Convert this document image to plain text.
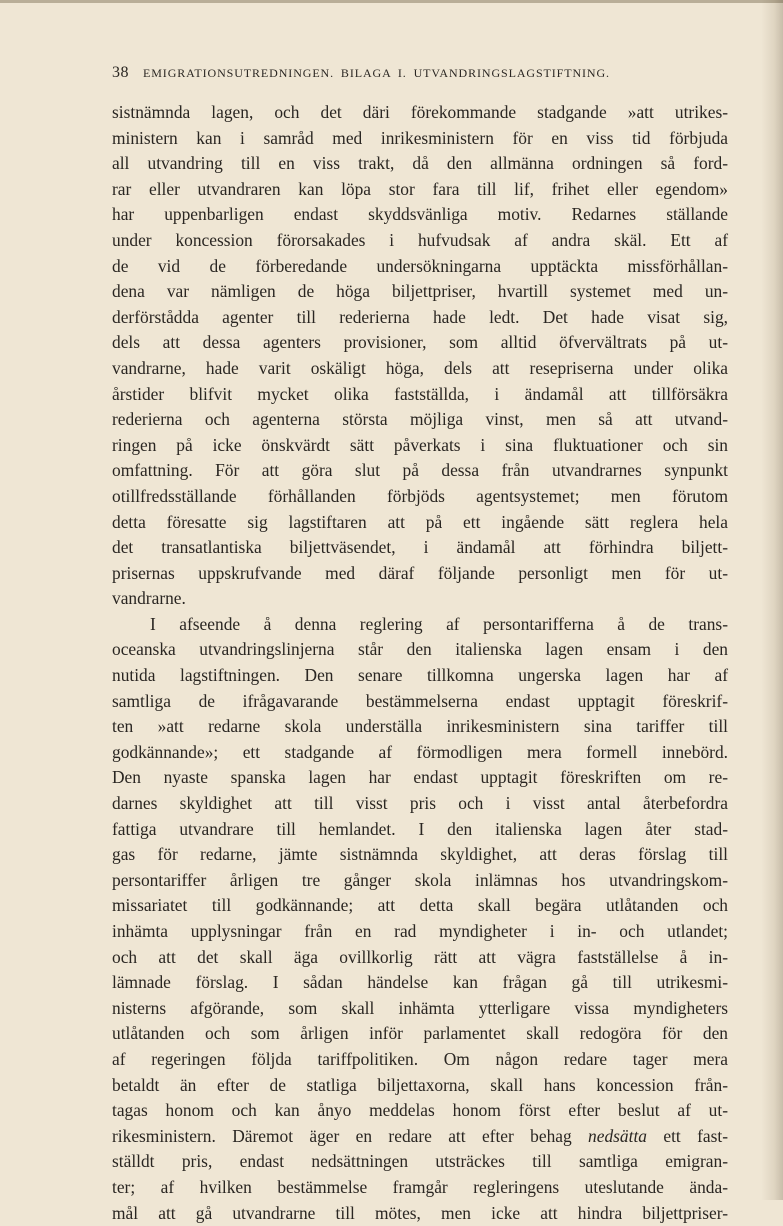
38 EMIGRATIONSUTREDNINGEN. BILAGA I. UTVANDRINGSLAGSTIFTNING.
sistnämnda lagen, och det däri förekommande stadgande »att utrikes-
ministern kan i samråd med inrikesministern för en viss tid förbjuda
all utvandring till en viss trakt, då den allmänna ordningen så ford-
rar eller utvandraren kan löpa stor fara till lif, frihet eller egendom»
har uppenbarligen endast skyddsvänliga motiv. Redarnes ställande
under koncession förorsakades i hufvudsak af andra skäl. Ett af
de vid de förberedande undersökningarna upptäckta missförhållan-
dena var nämligen de höga biljettpriser, hvartill systemet med un-
derförstådda agenter till rederierna hade ledt. Det hade visat sig,
dels att dessa agenters provisioner, som alltid öfvervältrats på ut-
vandrarne, hade varit oskäligt höga, dels att resepriserna under olika
årstider blifvit mycket olika fastställda, i ändamål att tillförsäkra
rederierna och agenterna största möjliga vinst, men så att utvand-
ringen på icke önskvärdt sätt påverkats i sina fluktuationer och sin
omfattning. För att göra slut på dessa från utvandrarnes synpunkt
otillfredsställande förhållanden förbjöds agentsystemet; men förutom
detta föresatte sig lagstiftaren att på ett ingående sätt reglera hela
det transatlantiska biljettväsendet, i ändamål att förhindra biljett-
prisernas uppskrufvande med däraf följande personligt men för ut-
vandrarne.
I afseende å denna reglering af persontarifferna å de trans-
oceanska utvandringslinjerna står den italienska lagen ensam i den
nutida lagstiftningen. Den senare tillkomna ungerska lagen har af
samtliga de ifrågavarande bestämmelserna endast upptagit föreskrif-
ten »att redarne skola underställa inrikesministern sina tariffer till
godkännande»; ett stadgande af förmodligen mera formell innebörd.
Den nyaste spanska lagen har endast upptagit föreskriften om re-
darnes skyldighet att till visst pris och i visst antal återbefordra
fattiga utvandrare till hemlandet. I den italienska lagen åter stad-
gas för redarne, jämte sistnämnda skyldighet, att deras förslag till
persontariffer årligen tre gånger skola inlämnas hos utvandringskom-
missariatet till godkännande; att detta skall begära utlåtanden och
inhämta upplysningar från en rad myndigheter i in- och utlandet;
och att det skall äga ovillkorlig rätt att vägra fastställelse å in-
lämnade förslag. I sådan händelse kan frågan gå till utrikesmi-
nisterns afgörande, som skall inhämta ytterligare vissa myndigheters
utlåtanden och som årligen inför parlamentet skall redogöra för den
af regeringen följda tariffpolitiken. Om någon redare tager mera
betaldt än efter de statliga biljettaxorna, skall hans koncession från-
tagas honom och kan ånyo meddelas honom först efter beslut af ut-
rikesministern. Däremot äger en redare att efter behag nedsätta ett fast-
ställdt pris, endast nedsättningen utsträckes till samtliga emigran-
ter; af hvilken bestämmelse framgår regleringens uteslutande ända-
mål att gå utvandrarne till mötes, men icke att hindra biljettpriser-
